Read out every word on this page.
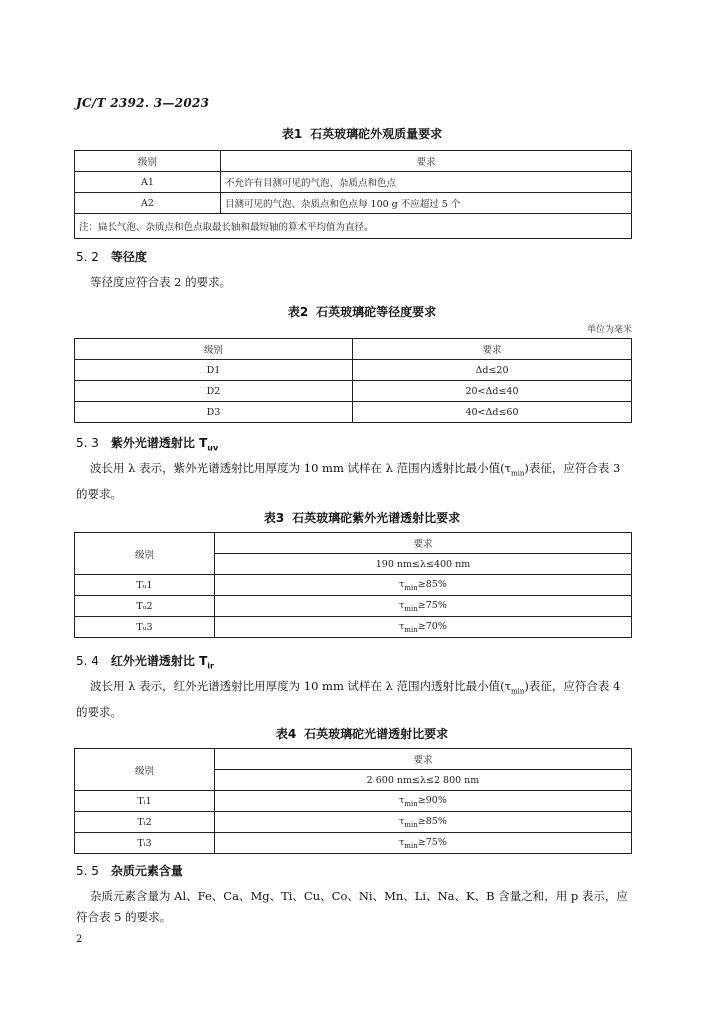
JC/T 2392. 3—2023
表1 石英玻璃砣外观质量要求
级别	要求
A1	不允许有目测可见的气泡、杂质点和色点
A2	目测可见的气泡、杂质点和色点每 100 g 不应超过 5 个
注：扁长气泡、杂质点和色点取最长轴和最短轴的算术平均值为直径。	
5. 2 等径度
等径度应符合表 2 的要求。
表2 石英玻璃砣等径度要求
单位为毫米
级别	要求
D1	Δd≤20
D2	20<Δd≤40
D3	40<Δd≤60
5. 3 紫外光谱透射比 $T_{uv}$
波长用 λ 表示，紫外光谱透射比用厚度为 10 mm 试样在 λ 范围内透射比最小值$(\tau_{min})$表征，应符合表 3 的要求。
表3 石英玻璃砣紫外光谱透射比要求
级别	要求
	190 nm≤λ≤400 nm
Tᵤ1	$\tau_{min}\ge 85\%$
Tᵤ2	$\tau_{min}\ge 75\%$
Tᵤ3	$\tau_{min}\ge 70\%$
5. 4 红外光谱透射比 $T_{ir}$
波长用 λ 表示，红外光谱透射比用厚度为 10 mm 试样在 λ 范围内透射比最小值$(\tau_{min})$表征，应符合表 4 的要求。
表4 石英玻璃砣光谱透射比要求
级别	要求
	2 600 nm≤λ≤2 800 nm
Tᵢ1	$\tau_{min}\ge 90\%$
Tᵢ2	$\tau_{min}\ge 85\%$
Tᵢ3	$\tau_{min}\ge 75\%$
5. 5 杂质元素含量
杂质元素含量为 Al、Fe、Ca、Mg、Ti、Cu、Co、Ni、Mn、Li、Na、K、B 含量之和，用 p 表示，应符合表 5 的要求。
2
